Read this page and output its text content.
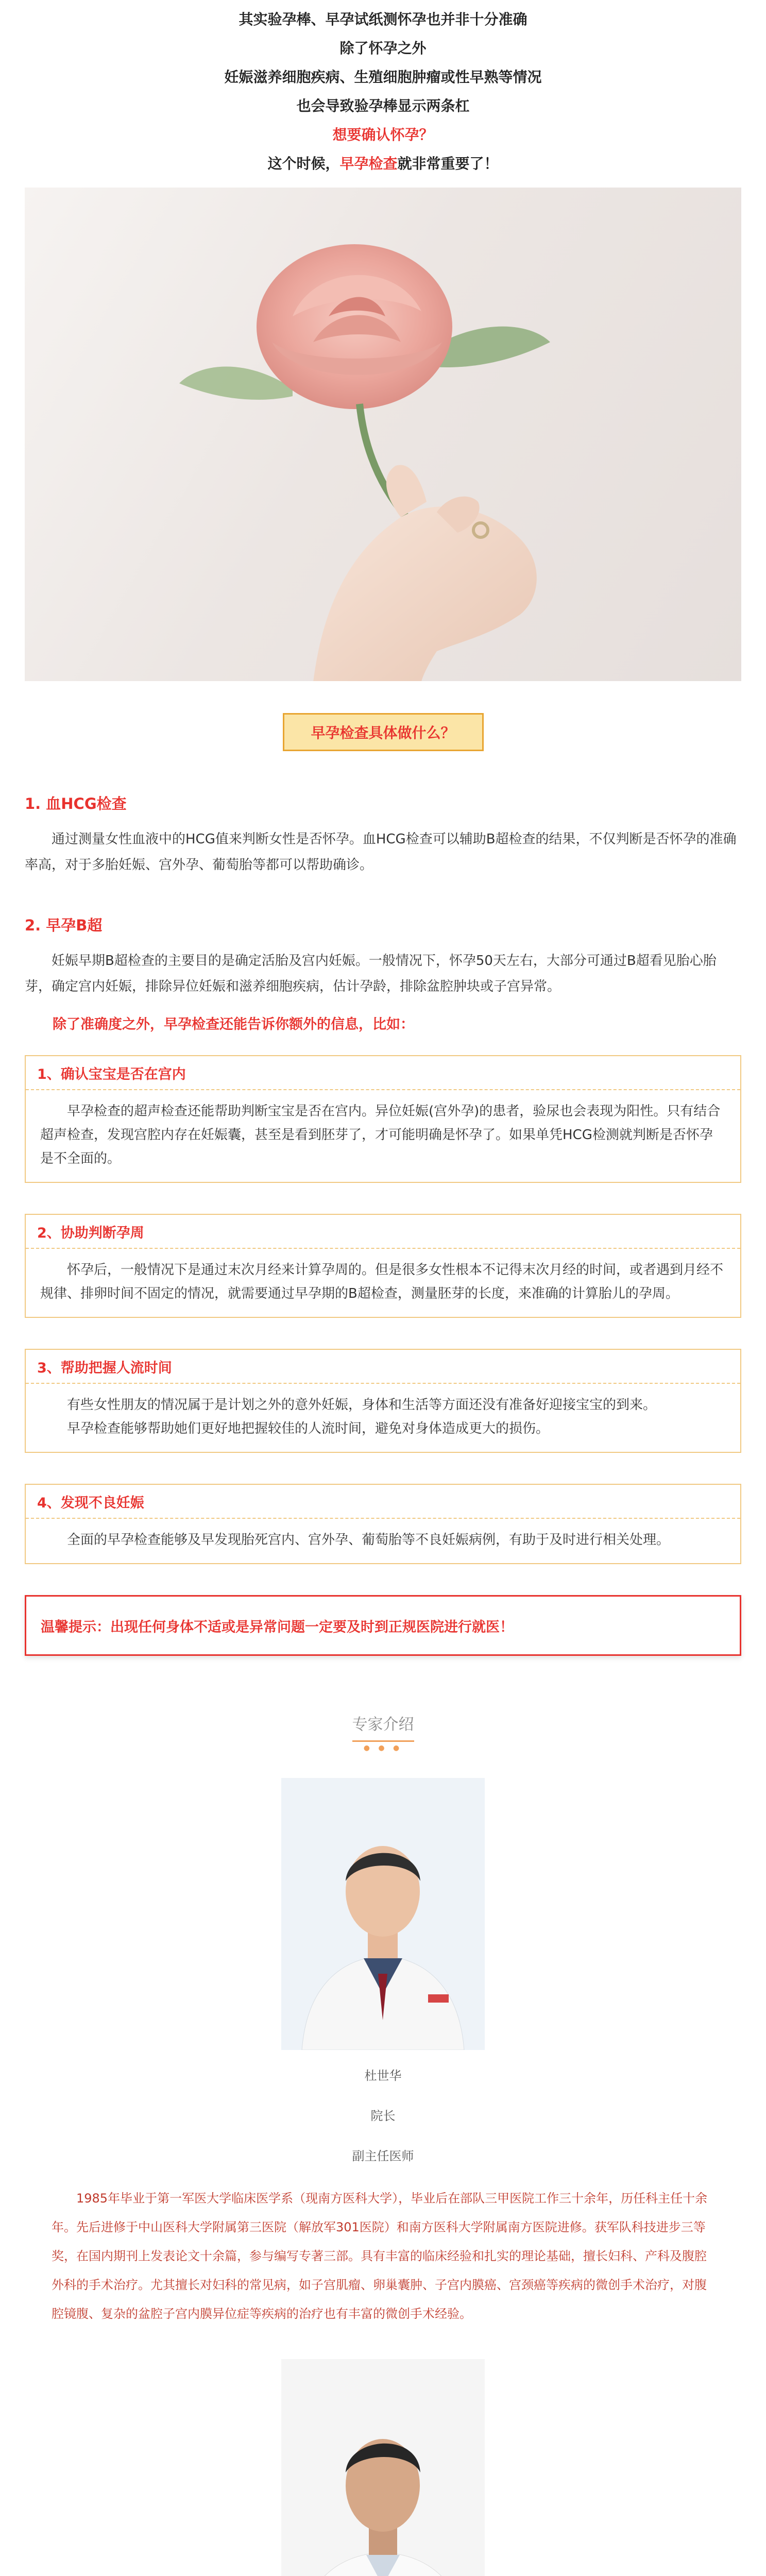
其实验孕棒、早孕试纸测怀孕也并非十分准确

除了怀孕之外

妊娠滋养细胞疾病、生殖细胞肿瘤或性早熟等情况

也会导致验孕棒显示两条杠

想要确认怀孕？

这个时候，早孕检查就非常重要了！

早孕检查具体做什么？
1. 血HCG检查

通过测量女性血液中的HCG值来判断女性是否怀孕。血HCG检查可以辅助B超检查的结果，不仅判断是否怀孕的准确率高，对于多胎妊娠、宫外孕、葡萄胎等都可以帮助确诊。

2. 早孕B超

妊娠早期B超检查的主要目的是确定活胎及宫内妊娠。一般情况下，怀孕50天左右，大部分可通过B超看见胎心胎芽，确定宫内妊娠，排除异位妊娠和滋养细胞疾病，估计孕龄，排除盆腔肿块或子宫异常。

除了准确度之外，早孕检查还能告诉你额外的信息，比如：

1、确认宝宝是否在宫内

早孕检查的超声检查还能帮助判断宝宝是否在宫内。异位妊娠(宫外孕)的患者，验尿也会表现为阳性。只有结合超声检查，发现宫腔内存在妊娠囊，甚至是看到胚芽了，才可能明确是怀孕了。如果单凭HCG检测就判断是否怀孕是不全面的。

2、协助判断孕周

怀孕后，一般情况下是通过末次月经来计算孕周的。但是很多女性根本不记得末次月经的时间，或者遇到月经不规律、排卵时间不固定的情况，就需要通过早孕期的B超检查，测量胚芽的长度，来准确的计算胎儿的孕周。

3、帮助把握人流时间

有些女性朋友的情况属于是计划之外的意外妊娠，身体和生活等方面还没有准备好迎接宝宝的到来。

早孕检查能够帮助她们更好地把握较佳的人流时间，避免对身体造成更大的损伤。

4、发现不良妊娠

全面的早孕检查能够及早发现胎死宫内、宫外孕、葡萄胎等不良妊娠病例，有助于及时进行相关处理。

温馨提示：出现任何身体不适或是异常问题一定要及时到正规医院进行就医！
专家介绍
● ● ●
杜世华
院长
副主任医师

1985年毕业于第一军医大学临床医学系（现南方医科大学），毕业后在部队三甲医院工作三十余年，历任科主任十余年。先后进修于中山医科大学附属第三医院（解放军301医院）和南方医科大学附属南方医院进修。获军队科技进步三等奖，在国内期刊上发表论文十余篇，参与编写专著三部。具有丰富的临床经验和扎实的理论基础，擅长妇科、产科及腹腔外科的手术治疗。尤其擅长对妇科的常见病，如子宫肌瘤、卵巢囊肿、子宫内膜癌、宫颈癌等疾病的微创手术治疗，对腹腔镜腹、复杂的盆腔子宫内膜异位症等疾病的治疗也有丰富的微创手术经验。
